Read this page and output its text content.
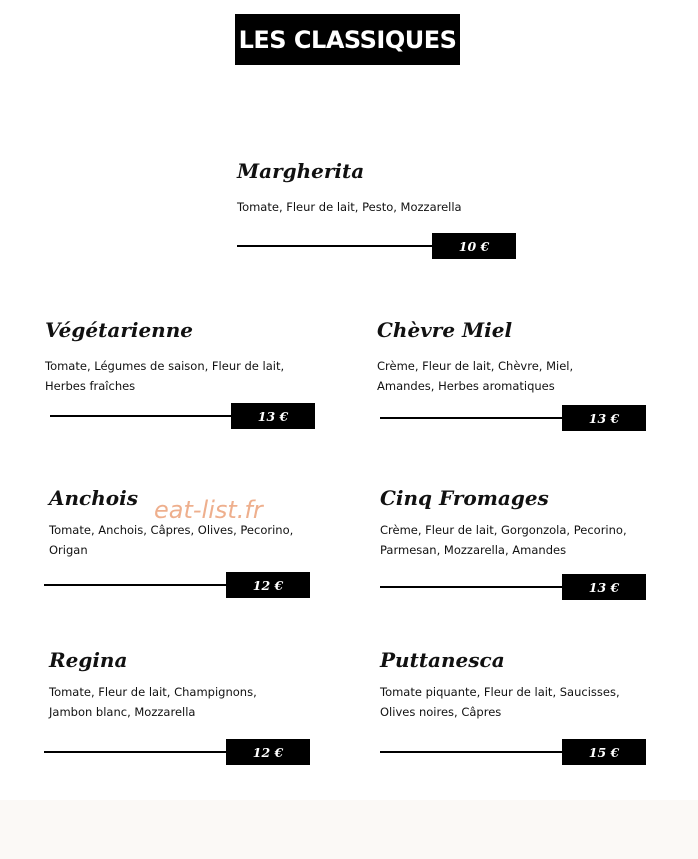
LES CLASSIQUES
Margherita
Tomate, Fleur de lait, Pesto, Mozzarella
10 €
Végétarienne
Tomate, Légumes de saison, Fleur de lait,
Herbes fraîches
13 €
Chèvre Miel
Crème, Fleur de lait, Chèvre, Miel,
Amandes, Herbes aromatiques
13 €
Anchois
Tomate, Anchois, Câpres, Olives, Pecorino,
Origan
12 €
Cinq Fromages
Crème, Fleur de lait, Gorgonzola, Pecorino,
Parmesan, Mozzarella, Amandes
13 €
Regina
Tomate, Fleur de lait, Champignons,
Jambon blanc, Mozzarella
12 €
Puttanesca
Tomate piquante, Fleur de lait, Saucisses,
Olives noires, Câpres
15 €
eat-list.fr
